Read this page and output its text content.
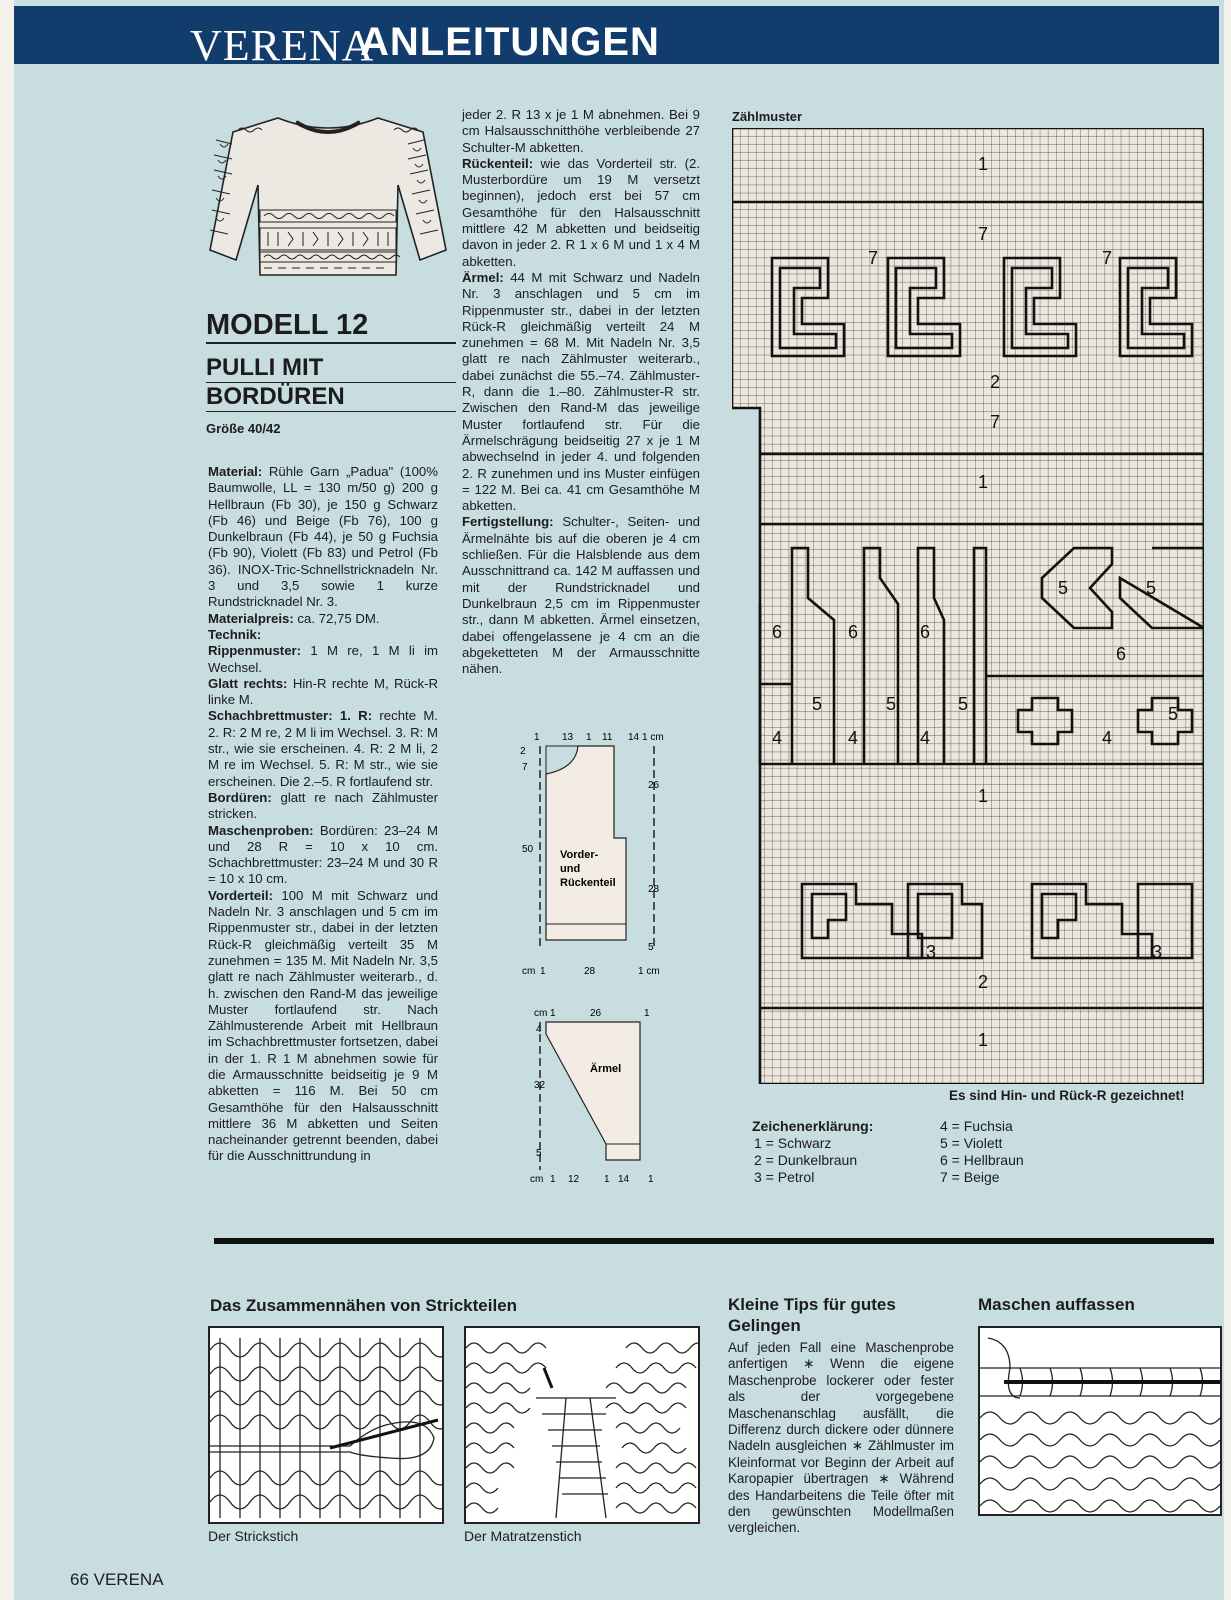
VERENA
ANLEITUNGEN
MODELL 12
PULLI MIT
BORDÜREN
Größe 40/42

Material: Rühle Garn „Padua" (100% Baumwolle, LL = 130 m/50 g) 200 g Hellbraun (Fb 30), je 150 g Schwarz (Fb 46) und Beige (Fb 76), 100 g Dunkelbraun (Fb 44), je 50 g Fuchsia (Fb 90), Violett (Fb 83) und Petrol (Fb 36). INOX-Tric-Schnellstricknadeln Nr. 3 und 3,5 sowie 1 kurze Rundstricknadel Nr. 3.

Materialpreis: ca. 72,75 DM.

Technik:

Rippenmuster: 1 M re, 1 M li im Wechsel.

Glatt rechts: Hin-R rechte M, Rück-R linke M.

Schachbrettmuster: 1. R: rechte M. 2. R: 2 M re, 2 M li im Wechsel. 3. R: M str., wie sie erscheinen. 4. R: 2 M li, 2 M re im Wechsel. 5. R: M str., wie sie erscheinen. Die 2.–5. R fortlaufend str.

Bordüren: glatt re nach Zählmuster stricken.

Maschenproben: Bordüren: 23–24 M und 28 R = 10 x 10 cm. Schachbrettmuster: 23–24 M und 30 R = 10 x 10 cm.

Vorderteil: 100 M mit Schwarz und Nadeln Nr. 3 anschlagen und 5 cm im Rippenmuster str., dabei in der letzten Rück-R gleichmäßig verteilt 35 M zunehmen = 135 M. Mit Nadeln Nr. 3,5 glatt re nach Zählmuster weiterarb., d. h. zwischen den Rand-M das jeweilige Muster fortlaufend str. Nach Zählmusterende Arbeit mit Hellbraun im Schachbrettmuster fortsetzen, dabei in der 1. R 1 M abnehmen sowie für die Armausschnitte beidseitig je 9 M abketten = 116 M. Bei 50 cm Gesamthöhe für den Halsausschnitt mittlere 36 M abketten und Seiten nacheinander getrennt beenden, dabei für die Ausschnittrundung in

jeder 2. R 13 x je 1 M abnehmen. Bei 9 cm Halsausschnitthöhe verbleibende 27 Schulter-M abketten.

Rückenteil: wie das Vorderteil str. (2. Musterbordüre um 19 M versetzt beginnen), jedoch erst bei 57 cm Gesamthöhe für den Halsausschnitt mittlere 42 M abketten und beidseitig davon in jeder 2. R 1 x 6 M und 1 x 4 M abketten.

Ärmel: 44 M mit Schwarz und Nadeln Nr. 3 anschlagen und 5 cm im Rippenmuster str., dabei in der letzten Rück-R gleichmäßig verteilt 24 M zunehmen = 68 M. Mit Nadeln Nr. 3,5 glatt re nach Zählmuster weiterarb., dabei zunächst die 55.–74. Zählmuster-R, dann die 1.–80. Zählmuster-R str. Zwischen den Rand-M das jeweilige Muster fortlaufend str. Für die Ärmelschrägung beidseitig 27 x je 1 M abwechselnd in jeder 4. und folgenden 2. R zunehmen und ins Muster einfügen = 122 M. Bei ca. 41 cm Gesamthöhe M abketten.

Fertigstellung: Schulter-, Seiten- und Ärmelnähte bis auf die oberen je 4 cm schließen. Für die Halsblende aus dem Ausschnittrand ca. 142 M auffassen und mit der Rundstricknadel und Dunkelbraun 2,5 cm im Rippenmuster str., dann M abketten. Ärmel einsetzen, dabei offengelassene je 4 cm an die abgeketteten M der Armausschnitte nähen.

1 13 1 11 14 1 cm
2
7
50
26
28
5
Vorder-
und
Rückenteil
cm 1	28	1 cm
cm 1	26	1
4
32
5
Ärmel
cm 1 12 1 14 1
Zählmuster
1
7
7	7
2
7
1
6	6	6
5	5	5
5	5
6
4	4	4	4
5
1
3	3
2
1
Es sind Hin- und Rück-R gezeichnet!
Zeichenerklärung:
1 = Schwarz
2 = Dunkelbraun
3 = Petrol
4 = Fuchsia
5 = Violett
6 = Hellbraun
7 = Beige
Das Zusammennähen von Strickteilen
Der Strickstich	Der Matratzenstich
Kleine Tips für gutes
Gelingen
Auf jeden Fall eine Maschenprobe anfertigen ∗ Wenn die eigene Maschenprobe lockerer oder fester als der vorgegebene Maschenanschlag ausfällt, die Differenz durch dickere oder dünnere Nadeln ausgleichen ∗ Zählmuster im Kleinformat vor Beginn der Arbeit auf Karopapier übertragen ∗ Während des Handarbeitens die Teile öfter mit den gewünschten Modellmaßen vergleichen.
Maschen auffassen
66 VERENA
